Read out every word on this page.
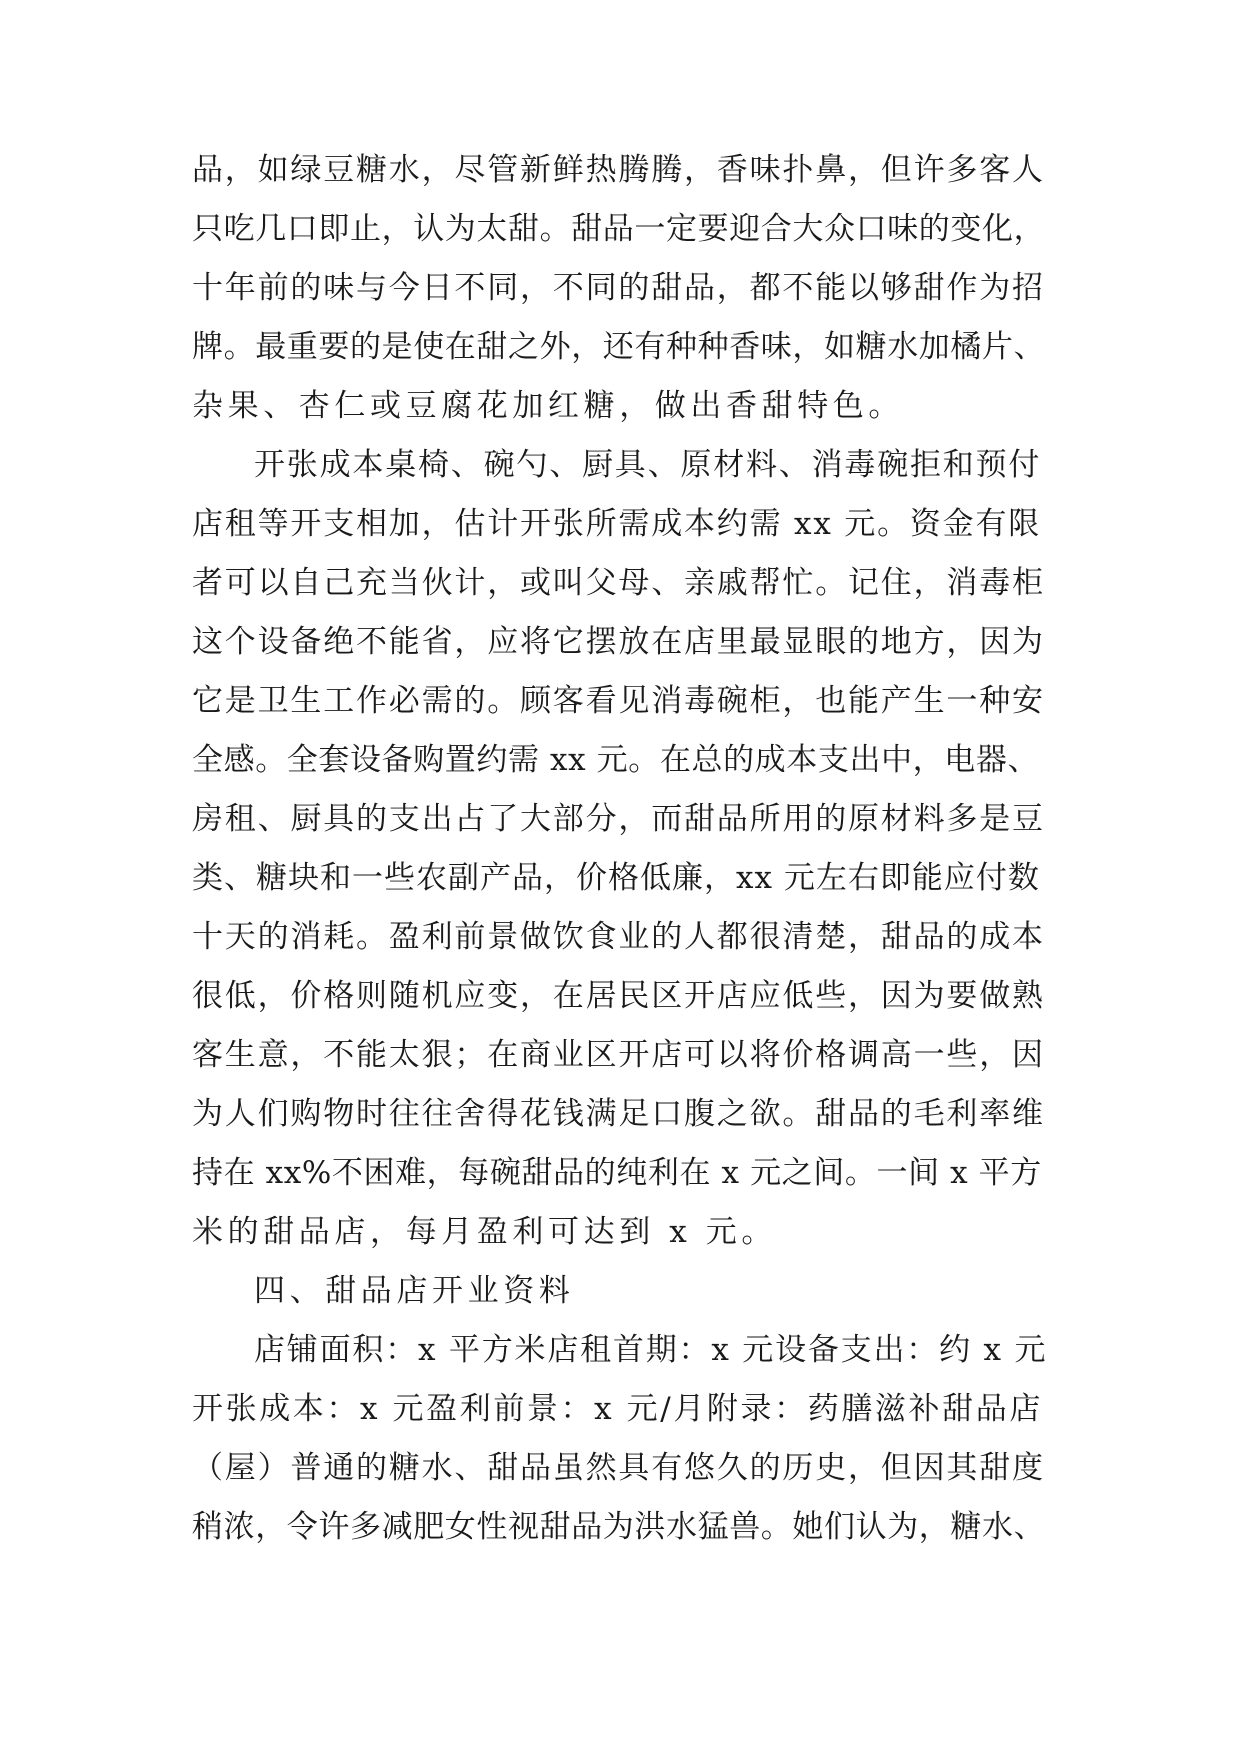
品，如绿豆糖水，尽管新鲜热腾腾，香味扑鼻，但许多客人
只吃几口即止，认为太甜。甜品一定要迎合大众口味的变化，
十年前的味与今日不同，不同的甜品，都不能以够甜作为招
牌。最重要的是使在甜之外，还有种种香味，如糖水加橘片、
杂果、杏仁或豆腐花加红糖，做出香甜特色。
开张成本桌椅、碗勺、厨具、原材料、消毒碗拒和预付
店租等开支相加，估计开张所需成本约需 xx 元。资金有限
者可以自己充当伙计，或叫父母、亲戚帮忙。记住，消毒柜
这个设备绝不能省，应将它摆放在店里最显眼的地方，因为
它是卫生工作必需的。顾客看见消毒碗柜，也能产生一种安
全感。全套设备购置约需 xx 元。在总的成本支出中，电器、
房租、厨具的支出占了大部分，而甜品所用的原材料多是豆
类、糖块和一些农副产品，价格低廉，xx 元左右即能应付数
十天的消耗。盈利前景做饮食业的人都很清楚，甜品的成本
很低，价格则随机应变，在居民区开店应低些，因为要做熟
客生意，不能太狠；在商业区开店可以将价格调高一些，因
为人们购物时往往舍得花钱满足口腹之欲。甜品的毛利率维
持在 xx%不困难，每碗甜品的纯利在 x 元之间。一间 x 平方
米的甜品店，每月盈利可达到 x 元。
四、甜品店开业资料
店铺面积：x 平方米店租首期：x 元设备支出：约 x 元
开张成本：x 元盈利前景：x 元/月附录：药膳滋补甜品店
（屋）普通的糖水、甜品虽然具有悠久的历史，但因其甜度
稍浓，令许多减肥女性视甜品为洪水猛兽。她们认为，糖水、
